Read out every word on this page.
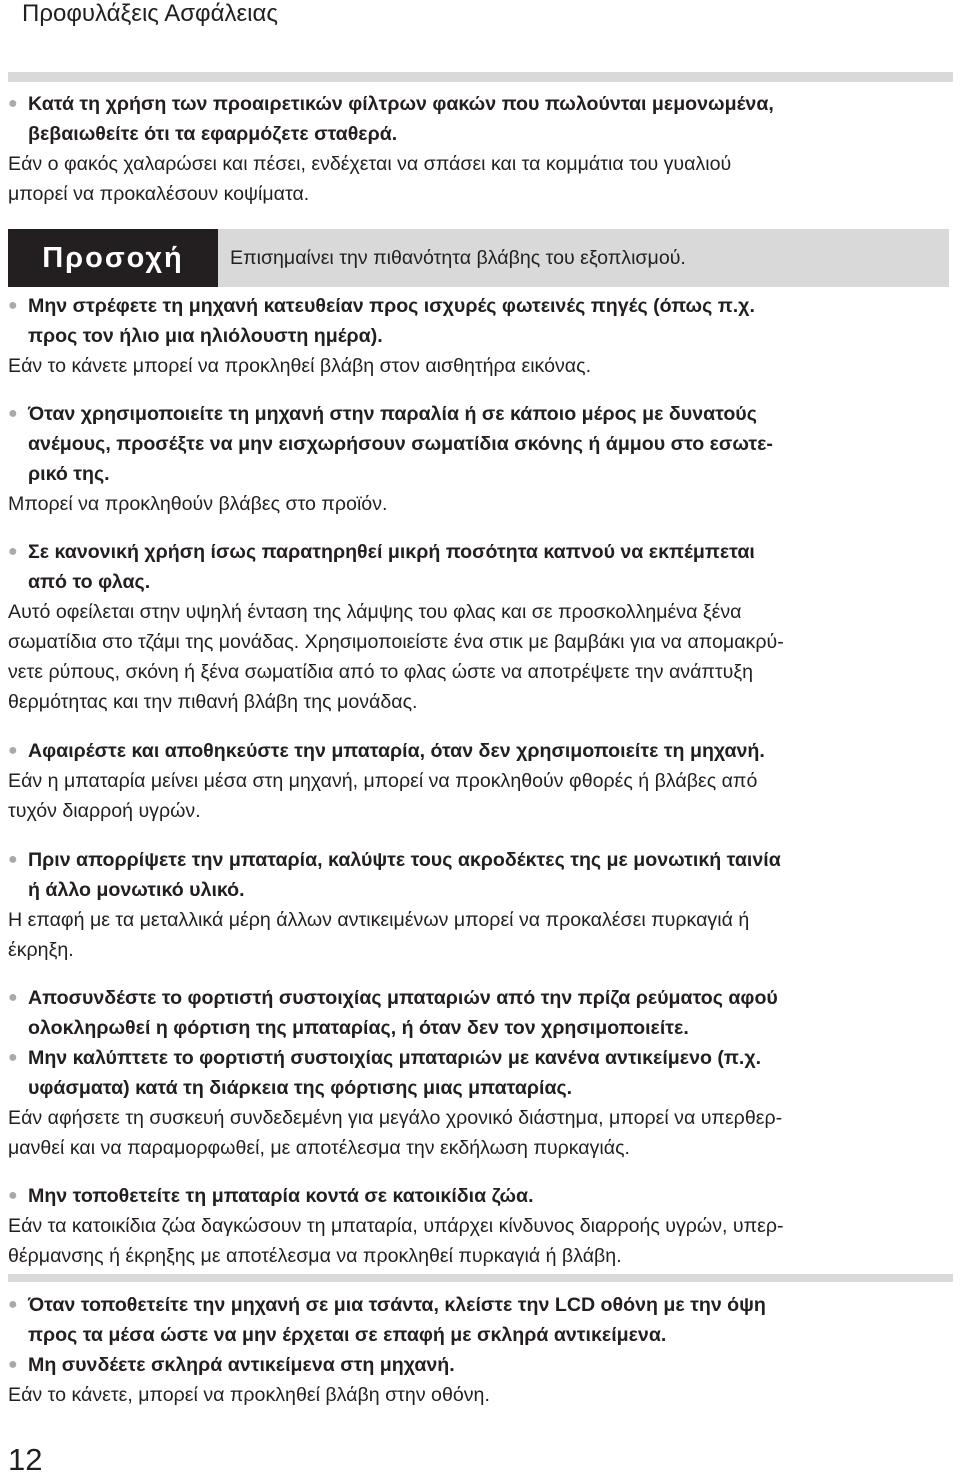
Προφυλάξεις Ασφάλειας
● Κατά τη χρήση των προαιρετικών φίλτρων φακών που πωλούνται μεμονωμένα,
βεβαιωθείτε ότι τα εφαρμόζετε σταθερά.
Εάν ο φακός χαλαρώσει και πέσει, ενδέχεται να σπάσει και τα κομμάτια του γυαλιού
μπορεί να προκαλέσουν κοψίματα.
Προσοχή	Επισημαίνει την πιθανότητα βλάβης του εξοπλισμού.
● Μην στρέφετε τη μηχανή κατευθείαν προς ισχυρές φωτεινές πηγές (όπως π.χ.
προς τον ήλιο μια ηλιόλουστη ημέρα).
Εάν το κάνετε μπορεί να προκληθεί βλάβη στον αισθητήρα εικόνας.
● Όταν χρησιμοποιείτε τη μηχανή στην παραλία ή σε κάποιο μέρος με δυνατούς
ανέμους, προσέξτε να μην εισχωρήσουν σωματίδια σκόνης ή άμμου στο εσωτε-
ρικό της.
Μπορεί να προκληθούν βλάβες στο προϊόν.
● Σε κανονική χρήση ίσως παρατηρηθεί μικρή ποσότητα καπνού να εκπέμπεται
από το φλας.
Αυτό οφείλεται στην υψηλή ένταση της λάμψης του φλας και σε προσκολλημένα ξένα
σωματίδια στο τζάμι της μονάδας. Χρησιμοποιείστε ένα στικ με βαμβάκι για να απομακρύ-
νετε ρύπους, σκόνη ή ξένα σωματίδια από το φλας ώστε να αποτρέψετε την ανάπτυξη
θερμότητας και την πιθανή βλάβη της μονάδας.
● Αφαιρέστε και αποθηκεύστε την μπαταρία, όταν δεν χρησιμοποιείτε τη μηχανή.
Εάν η μπαταρία μείνει μέσα στη μηχανή, μπορεί να προκληθούν φθορές ή βλάβες από
τυχόν διαρροή υγρών.
● Πριν απορρίψετε την μπαταρία, καλύψτε τους ακροδέκτες της με μονωτική ταινία
ή άλλο μονωτικό υλικό.
Η επαφή με τα μεταλλικά μέρη άλλων αντικειμένων μπορεί να προκαλέσει πυρκαγιά ή
έκρηξη.
● Αποσυνδέστε το φορτιστή συστοιχίας μπαταριών από την πρίζα ρεύματος αφού
ολοκληρωθεί η φόρτιση της μπαταρίας, ή όταν δεν τον χρησιμοποιείτε.
● Μην καλύπτετε το φορτιστή συστοιχίας μπαταριών με κανένα αντικείμενο (π.χ.
υφάσματα) κατά τη διάρκεια της φόρτισης μιας μπαταρίας.
Εάν αφήσετε τη συσκευή συνδεδεμένη για μεγάλο χρονικό διάστημα, μπορεί να υπερθερ-
μανθεί και να παραμορφωθεί, με αποτέλεσμα την εκδήλωση πυρκαγιάς.
● Μην τοποθετείτε τη μπαταρία κοντά σε κατοικίδια ζώα.
Εάν τα κατοικίδια ζώα δαγκώσουν τη μπαταρία, υπάρχει κίνδυνος διαρροής υγρών, υπερ-
θέρμανσης ή έκρηξης με αποτέλεσμα να προκληθεί πυρκαγιά ή βλάβη.
● Όταν τοποθετείτε την μηχανή σε μια τσάντα, κλείστε την LCD οθόνη με την όψη
προς τα μέσα ώστε να μην έρχεται σε επαφή με σκληρά αντικείμενα.
● Μη συνδέετε σκληρά αντικείμενα στη μηχανή.
Εάν το κάνετε, μπορεί να προκληθεί βλάβη στην οθόνη.
12
